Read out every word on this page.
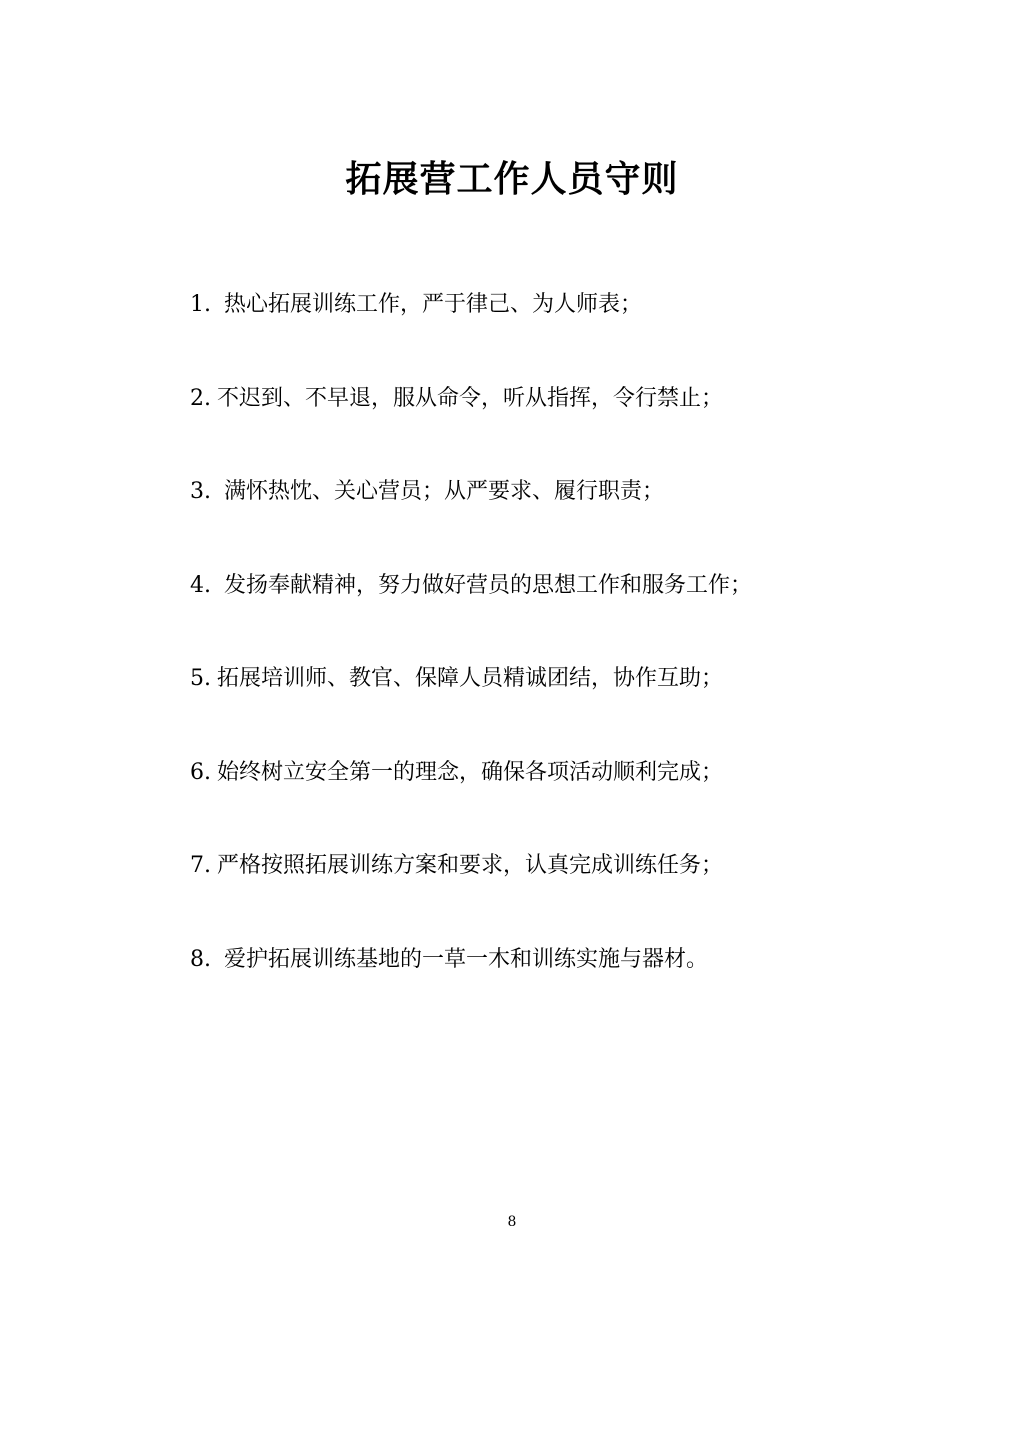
拓展营工作人员守则
1. 热心拓展训练工作，严于律己、为人师表；
2. 不迟到、不早退，服从命令，听从指挥，令行禁止；
3. 满怀热忱、关心营员；从严要求、履行职责；
4. 发扬奉献精神，努力做好营员的思想工作和服务工作；
5. 拓展培训师、教官、保障人员精诚团结，协作互助；
6. 始终树立安全第一的理念，确保各项活动顺利完成；
7. 严格按照拓展训练方案和要求，认真完成训练任务；
8. 爱护拓展训练基地的一草一木和训练实施与器材。
8
